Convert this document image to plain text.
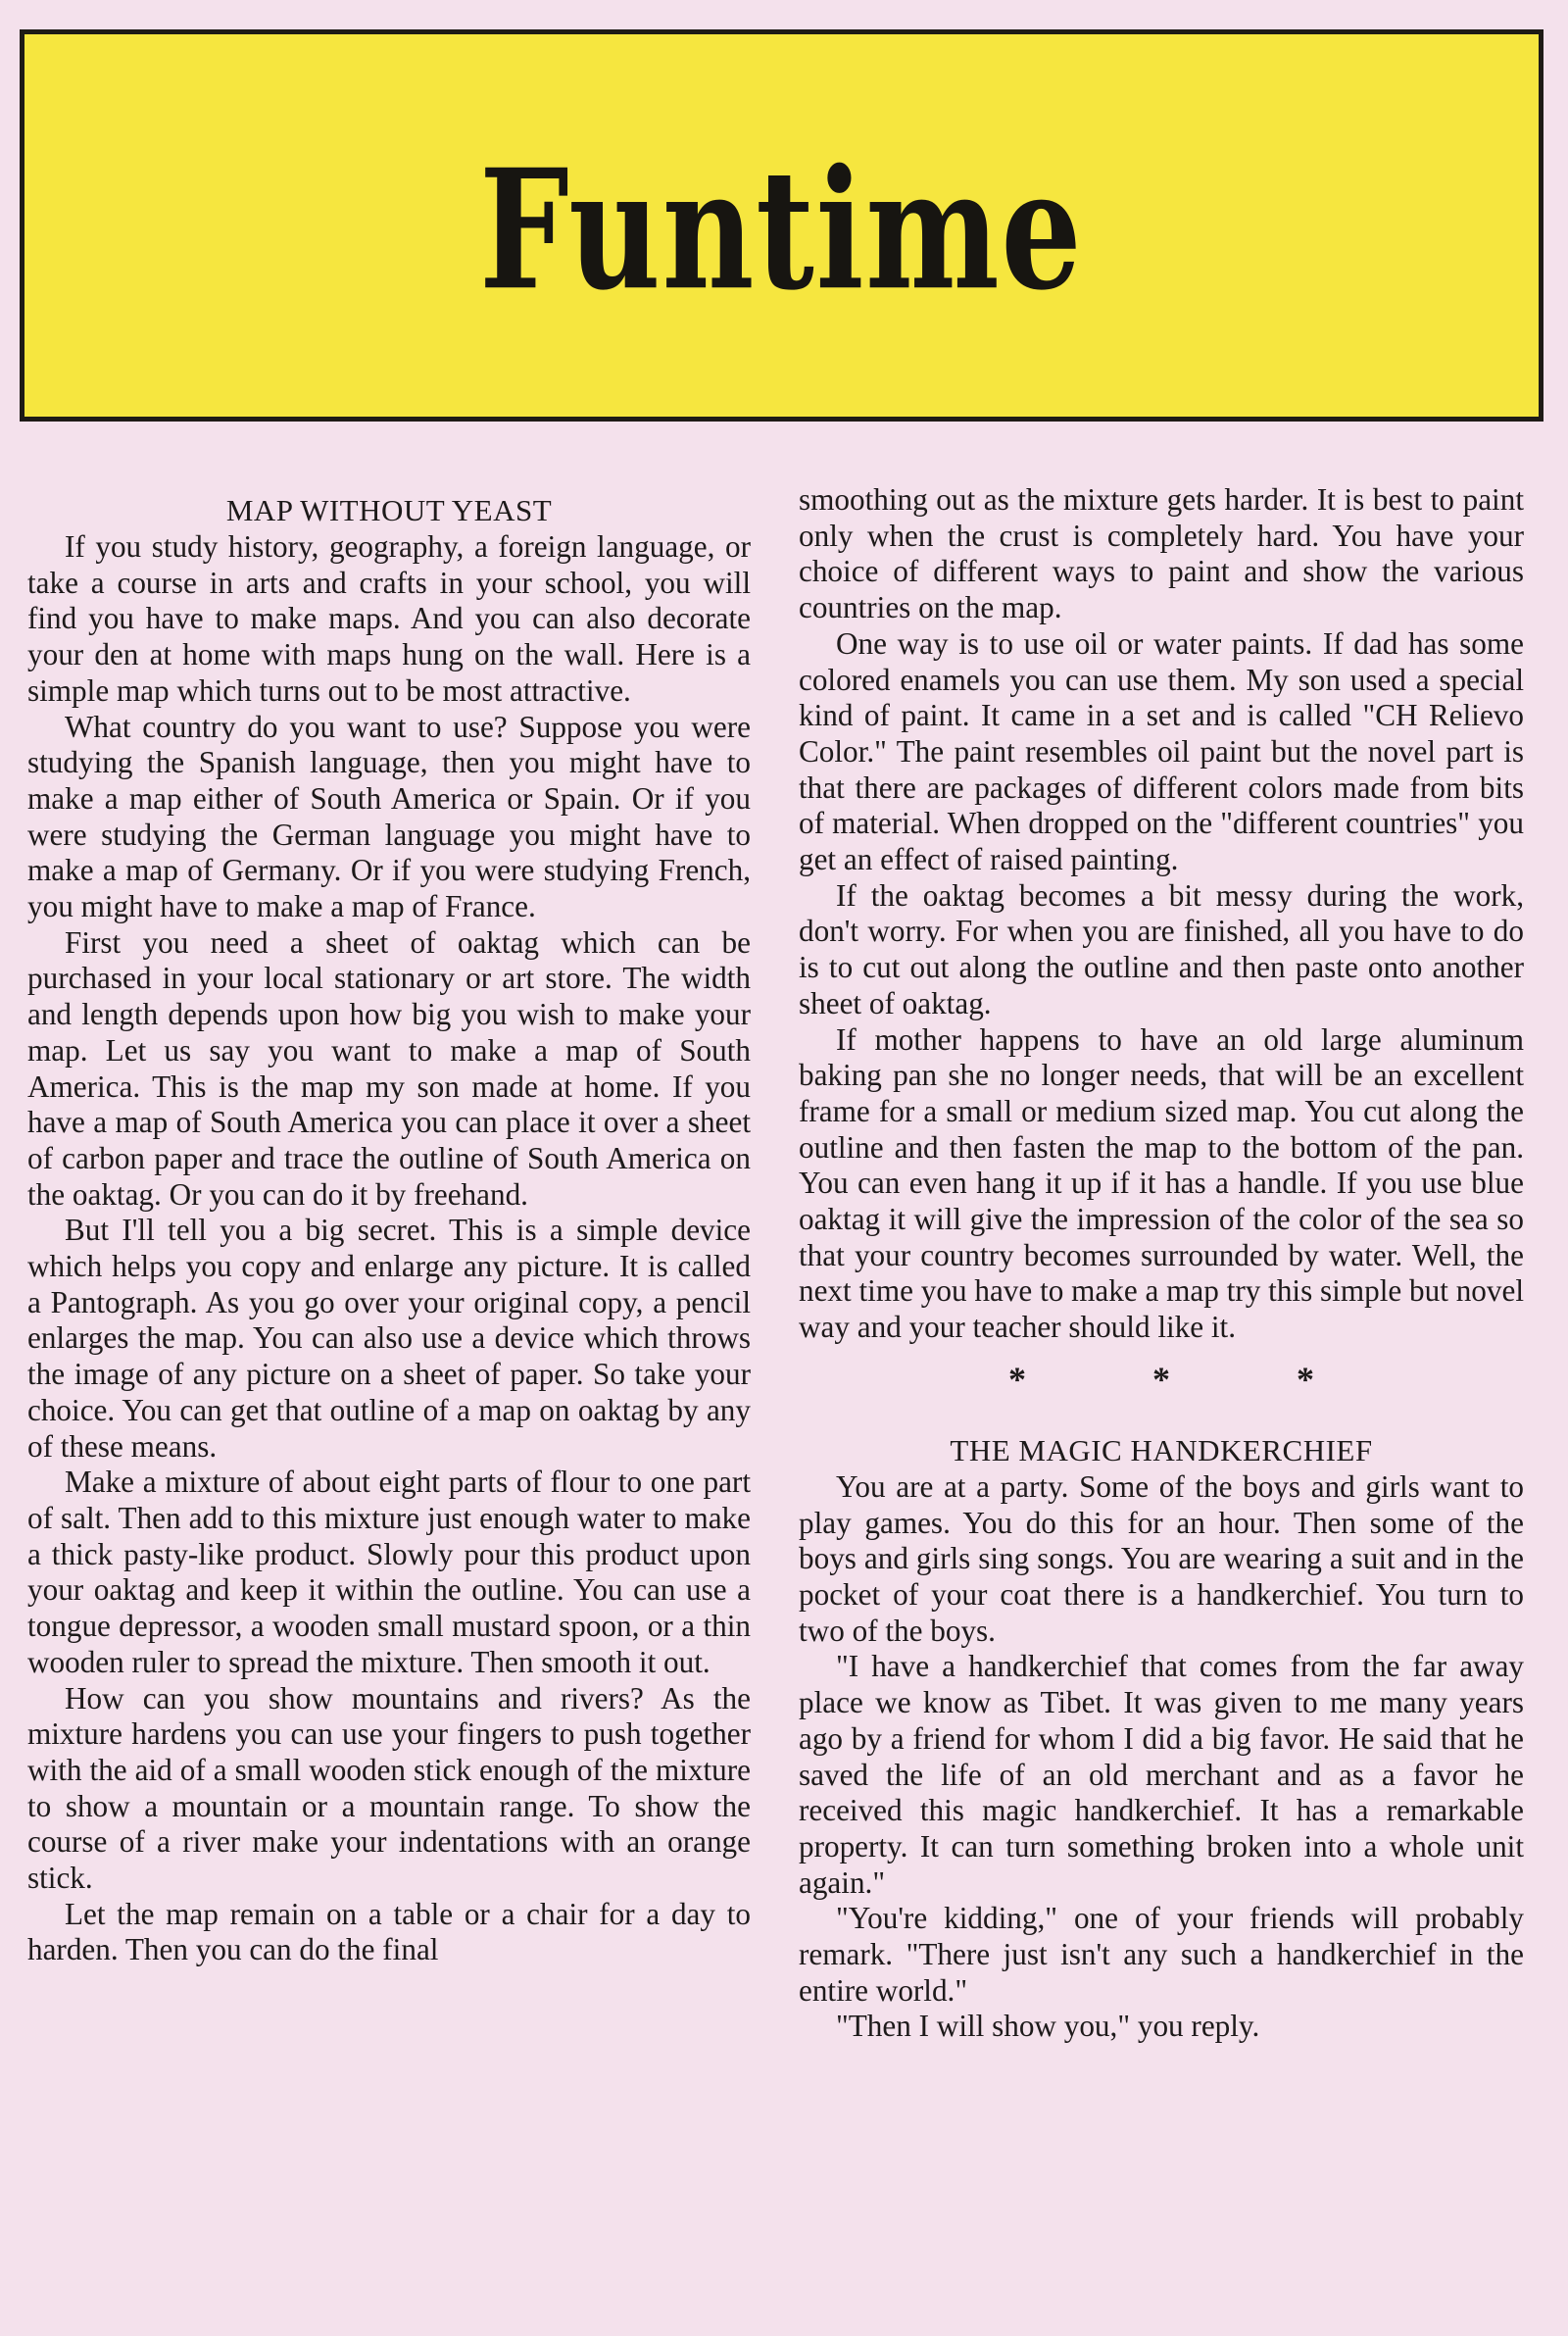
Funtime
MAP WITHOUT YEAST

If you study history, geography, a foreign language, or take a course in arts and crafts in your school, you will find you have to make maps. And you can also decorate your den at home with maps hung on the wall. Here is a simple map which turns out to be most attractive.

What country do you want to use? Suppose you were studying the Spanish language, then you might have to make a map either of South America or Spain. Or if you were studying the German language you might have to make a map of Germany. Or if you were studying French, you might have to make a map of France.

First you need a sheet of oaktag which can be purchased in your local stationary or art store. The width and length depends upon how big you wish to make your map. Let us say you want to make a map of South America. This is the map my son made at home. If you have a map of South America you can place it over a sheet of carbon paper and trace the outline of South America on the oaktag. Or you can do it by freehand.

But I'll tell you a big secret. This is a simple device which helps you copy and enlarge any picture. It is called a Pantograph. As you go over your original copy, a pencil enlarges the map. You can also use a device which throws the image of any picture on a sheet of paper. So take your choice. You can get that outline of a map on oaktag by any of these means.

Make a mixture of about eight parts of flour to one part of salt. Then add to this mixture just enough water to make a thick pasty-like product. Slowly pour this product upon your oaktag and keep it within the outline. You can use a tongue depressor, a wooden small mustard spoon, or a thin wooden ruler to spread the mixture. Then smooth it out.

How can you show mountains and rivers? As the mixture hardens you can use your fingers to push together with the aid of a small wooden stick enough of the mixture to show a mountain or a mountain range. To show the course of a river make your indentations with an orange stick.

Let the map remain on a table or a chair for a day to harden. Then you can do the final

smoothing out as the mixture gets harder. It is best to paint only when the crust is completely hard. You have your choice of different ways to paint and show the various countries on the map.

One way is to use oil or water paints. If dad has some colored enamels you can use them. My son used a special kind of paint. It came in a set and is called "CH Relievo Color." The paint resembles oil paint but the novel part is that there are packages of different colors made from bits of material. When dropped on the "different countries" you get an effect of raised painting.

If the oaktag becomes a bit messy during the work, don't worry. For when you are finished, all you have to do is to cut out along the outline and then paste onto another sheet of oaktag.

If mother happens to have an old large aluminum baking pan she no longer needs, that will be an excellent frame for a small or medium sized map. You cut along the outline and then fasten the map to the bottom of the pan. You can even hang it up if it has a handle. If you use blue oaktag it will give the impression of the color of the sea so that your country becomes surrounded by water. Well, the next time you have to make a map try this simple but novel way and your teacher should like it.

* * *
THE MAGIC HANDKERCHIEF

You are at a party. Some of the boys and girls want to play games. You do this for an hour. Then some of the boys and girls sing songs. You are wearing a suit and in the pocket of your coat there is a handkerchief. You turn to two of the boys.

"I have a handkerchief that comes from the far away place we know as Tibet. It was given to me many years ago by a friend for whom I did a big favor. He said that he saved the life of an old merchant and as a favor he received this magic handkerchief. It has a remarkable property. It can turn something broken into a whole unit again."

"You're kidding," one of your friends will probably remark. "There just isn't any such a handkerchief in the entire world."

"Then I will show you," you reply.
